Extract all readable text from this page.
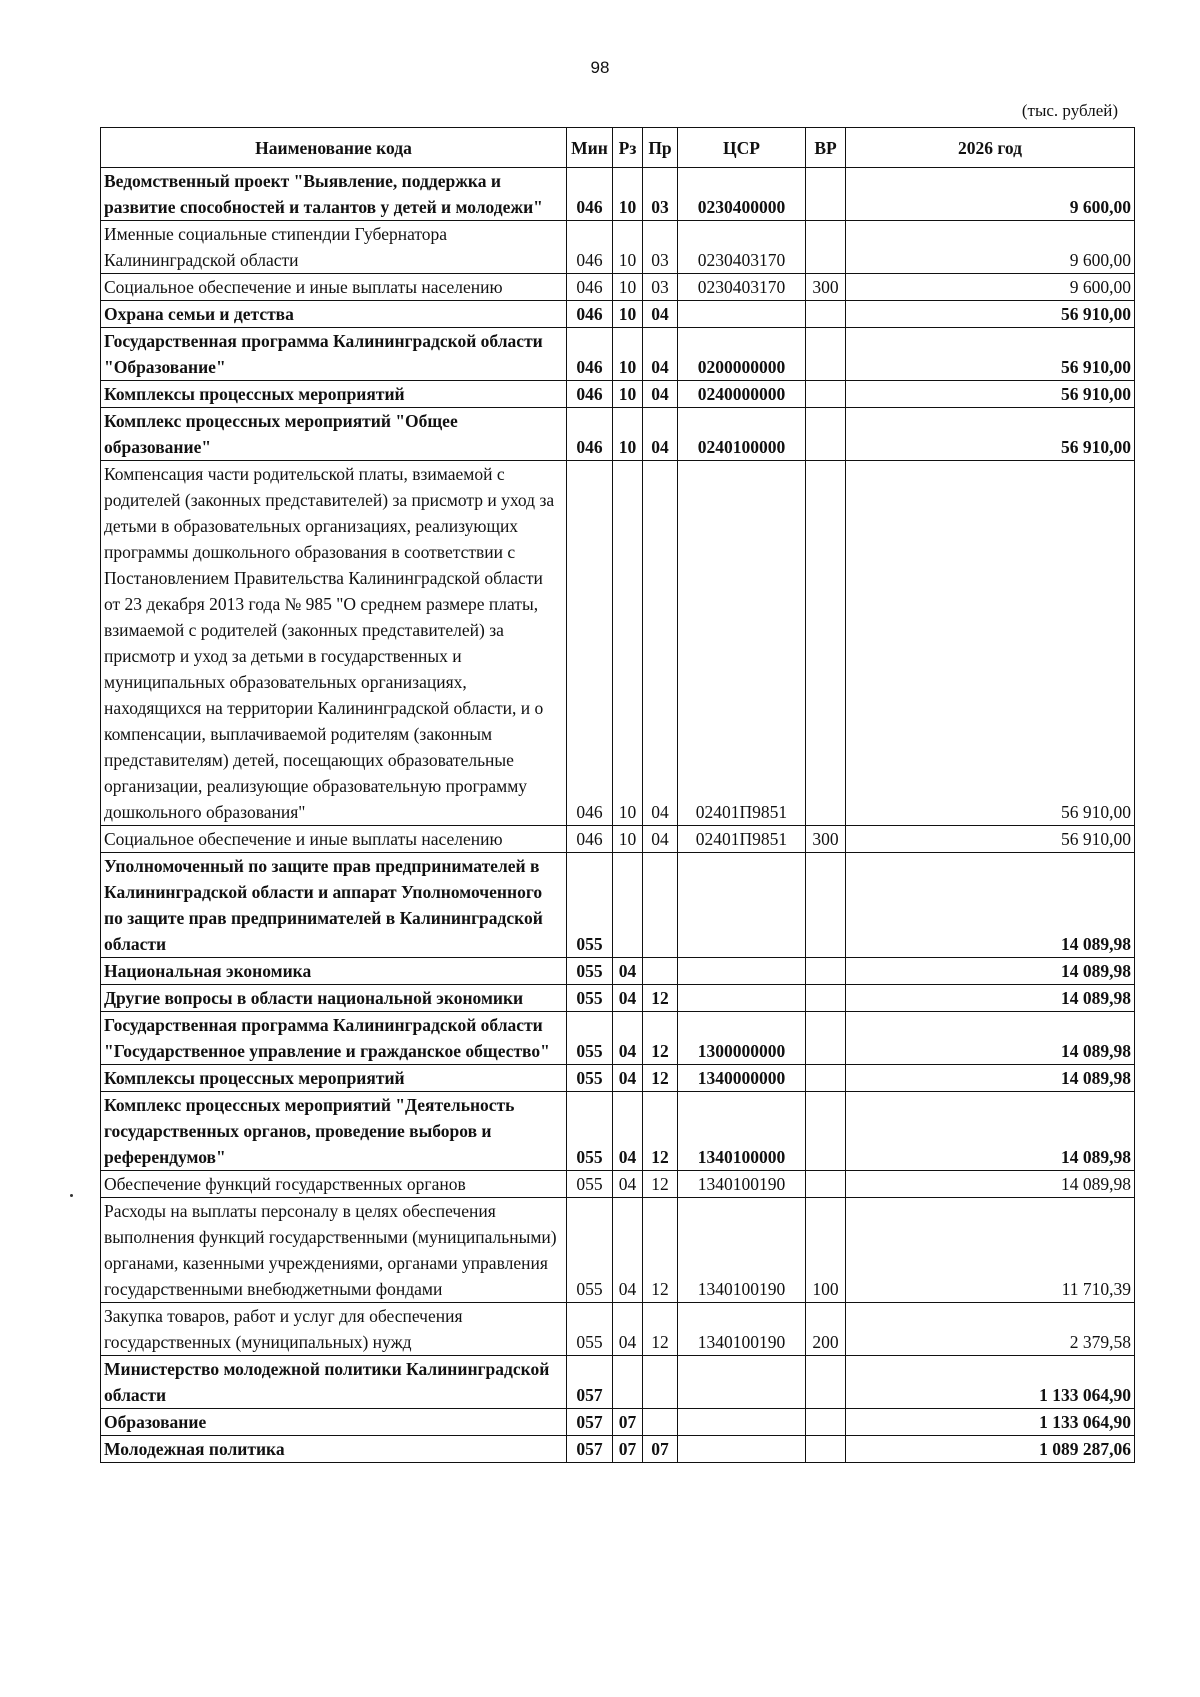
98
(тыс. рублей)
Наименование кода	Мин	Рз	Пр	ЦСР	ВР	2026 год
Ведомственный проект "Выявление, поддержка и развитие способностей и талантов у детей и молодежи"	046	10	03	0230400000		9 600,00
Именные социальные стипендии Губернатора Калининградской области	046	10	03	0230403170		9 600,00
Социальное обеспечение и иные выплаты населению	046	10	03	0230403170	300	9 600,00
Охрана семьи и детства	046	10	04			56 910,00
Государственная программа Калининградской области "Образование"	046	10	04	0200000000		56 910,00
Комплексы процессных мероприятий	046	10	04	0240000000		56 910,00
Комплекс процессных мероприятий "Общее образование"	046	10	04	0240100000		56 910,00
Компенсация части родительской платы, взимаемой с родителей (законных представителей) за присмотр и уход за детьми в образовательных организациях, реализующих программы дошкольного образования в соответствии с Постановлением Правительства Калининградской области от 23 декабря 2013 года № 985 "О среднем размере платы, взимаемой с родителей (законных представителей) за присмотр и уход за детьми в государственных и муниципальных образовательных организациях, находящихся на территории Калининградской области, и о компенсации, выплачиваемой родителям (законным представителям) детей, посещающих образовательные организации, реализующие образовательную программу дошкольного образования"	046	10	04	02401П9851		56 910,00
Социальное обеспечение и иные выплаты населению	046	10	04	02401П9851	300	56 910,00
Уполномоченный по защите прав предпринимателей в Калининградской области и аппарат Уполномоченного по защите прав предпринимателей в Калининградской области	055					14 089,98
Национальная экономика	055	04				14 089,98
Другие вопросы в области национальной экономики	055	04	12			14 089,98
Государственная программа Калининградской области "Государственное управление и гражданское общество"	055	04	12	1300000000		14 089,98
Комплексы процессных мероприятий	055	04	12	1340000000		14 089,98
Комплекс процессных мероприятий "Деятельность государственных органов, проведение выборов и референдумов"	055	04	12	1340100000		14 089,98
Обеспечение функций государственных органов	055	04	12	1340100190		14 089,98
Расходы на выплаты персоналу в целях обеспечения выполнения функций государственными (муниципальными) органами, казенными учреждениями, органами управления государственными внебюджетными фондами	055	04	12	1340100190	100	11 710,39
Закупка товаров, работ и услуг для обеспечения государственных (муниципальных) нужд	055	04	12	1340100190	200	2 379,58
Министерство молодежной политики Калининградской области	057					1 133 064,90
Образование	057	07				1 133 064,90
Молодежная политика	057	07	07			1 089 287,06
